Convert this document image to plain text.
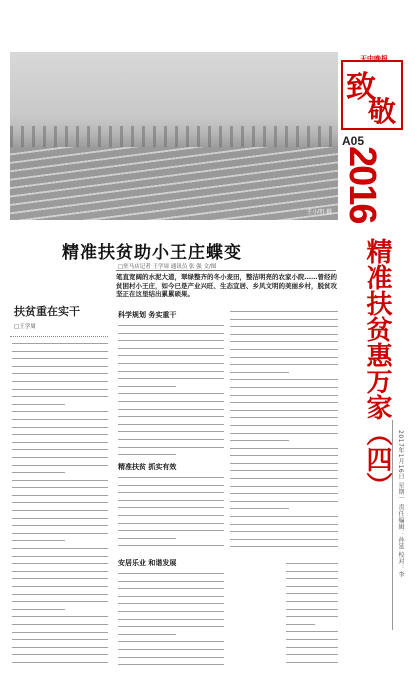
王小明 摄
天中晚报
致
敬
A05
2016
精准扶贫惠万家（四）
2017年1月16日 星期一 责任编辑：孙延 校对：李
精准扶贫助小王庄蝶变
□驻马店记者 王学周 通讯员 张 强 文/图
笔直宽阔的水泥大道，翠绿整齐的冬小麦田，整洁明亮的农家小院……曾经的贫困村小王庄，如今已是产业兴旺、生态宜居、乡风文明的美丽乡村，脱贫攻坚正在这里结出累累硕果。
扶贫重在实干
□王学周
科学规划 务实重干
精准扶贫 抓实有效
安居乐业 和谐发展
